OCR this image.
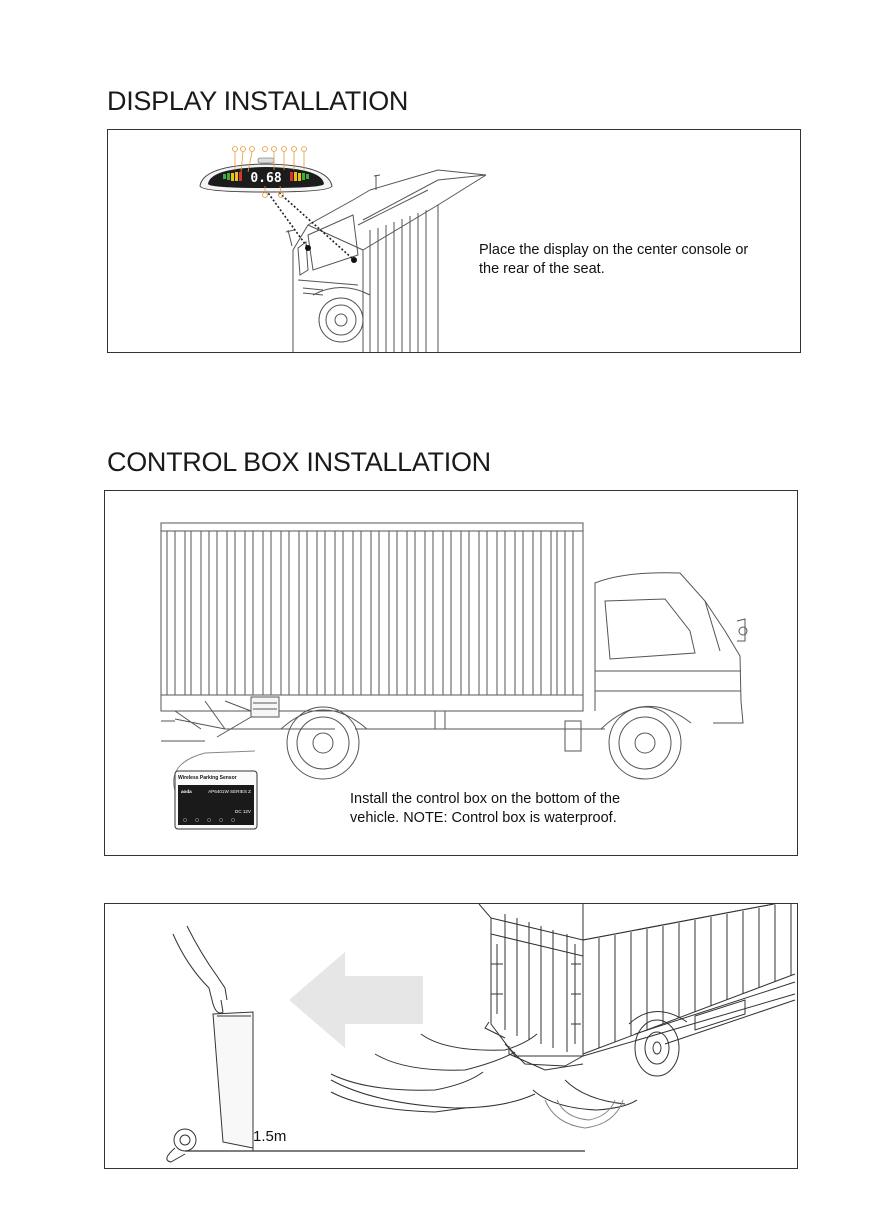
DISPLAY INSTALLATION
0.68
Place the display on the center console or
the rear of the seat.
CONTROL BOX INSTALLATION
Wireless Parking Sensor
aoda	AP6401W SERIES Z
DC 12V
Install the control box on the bottom of the
vehicle. NOTE: Control box is waterproof.
1.5m
